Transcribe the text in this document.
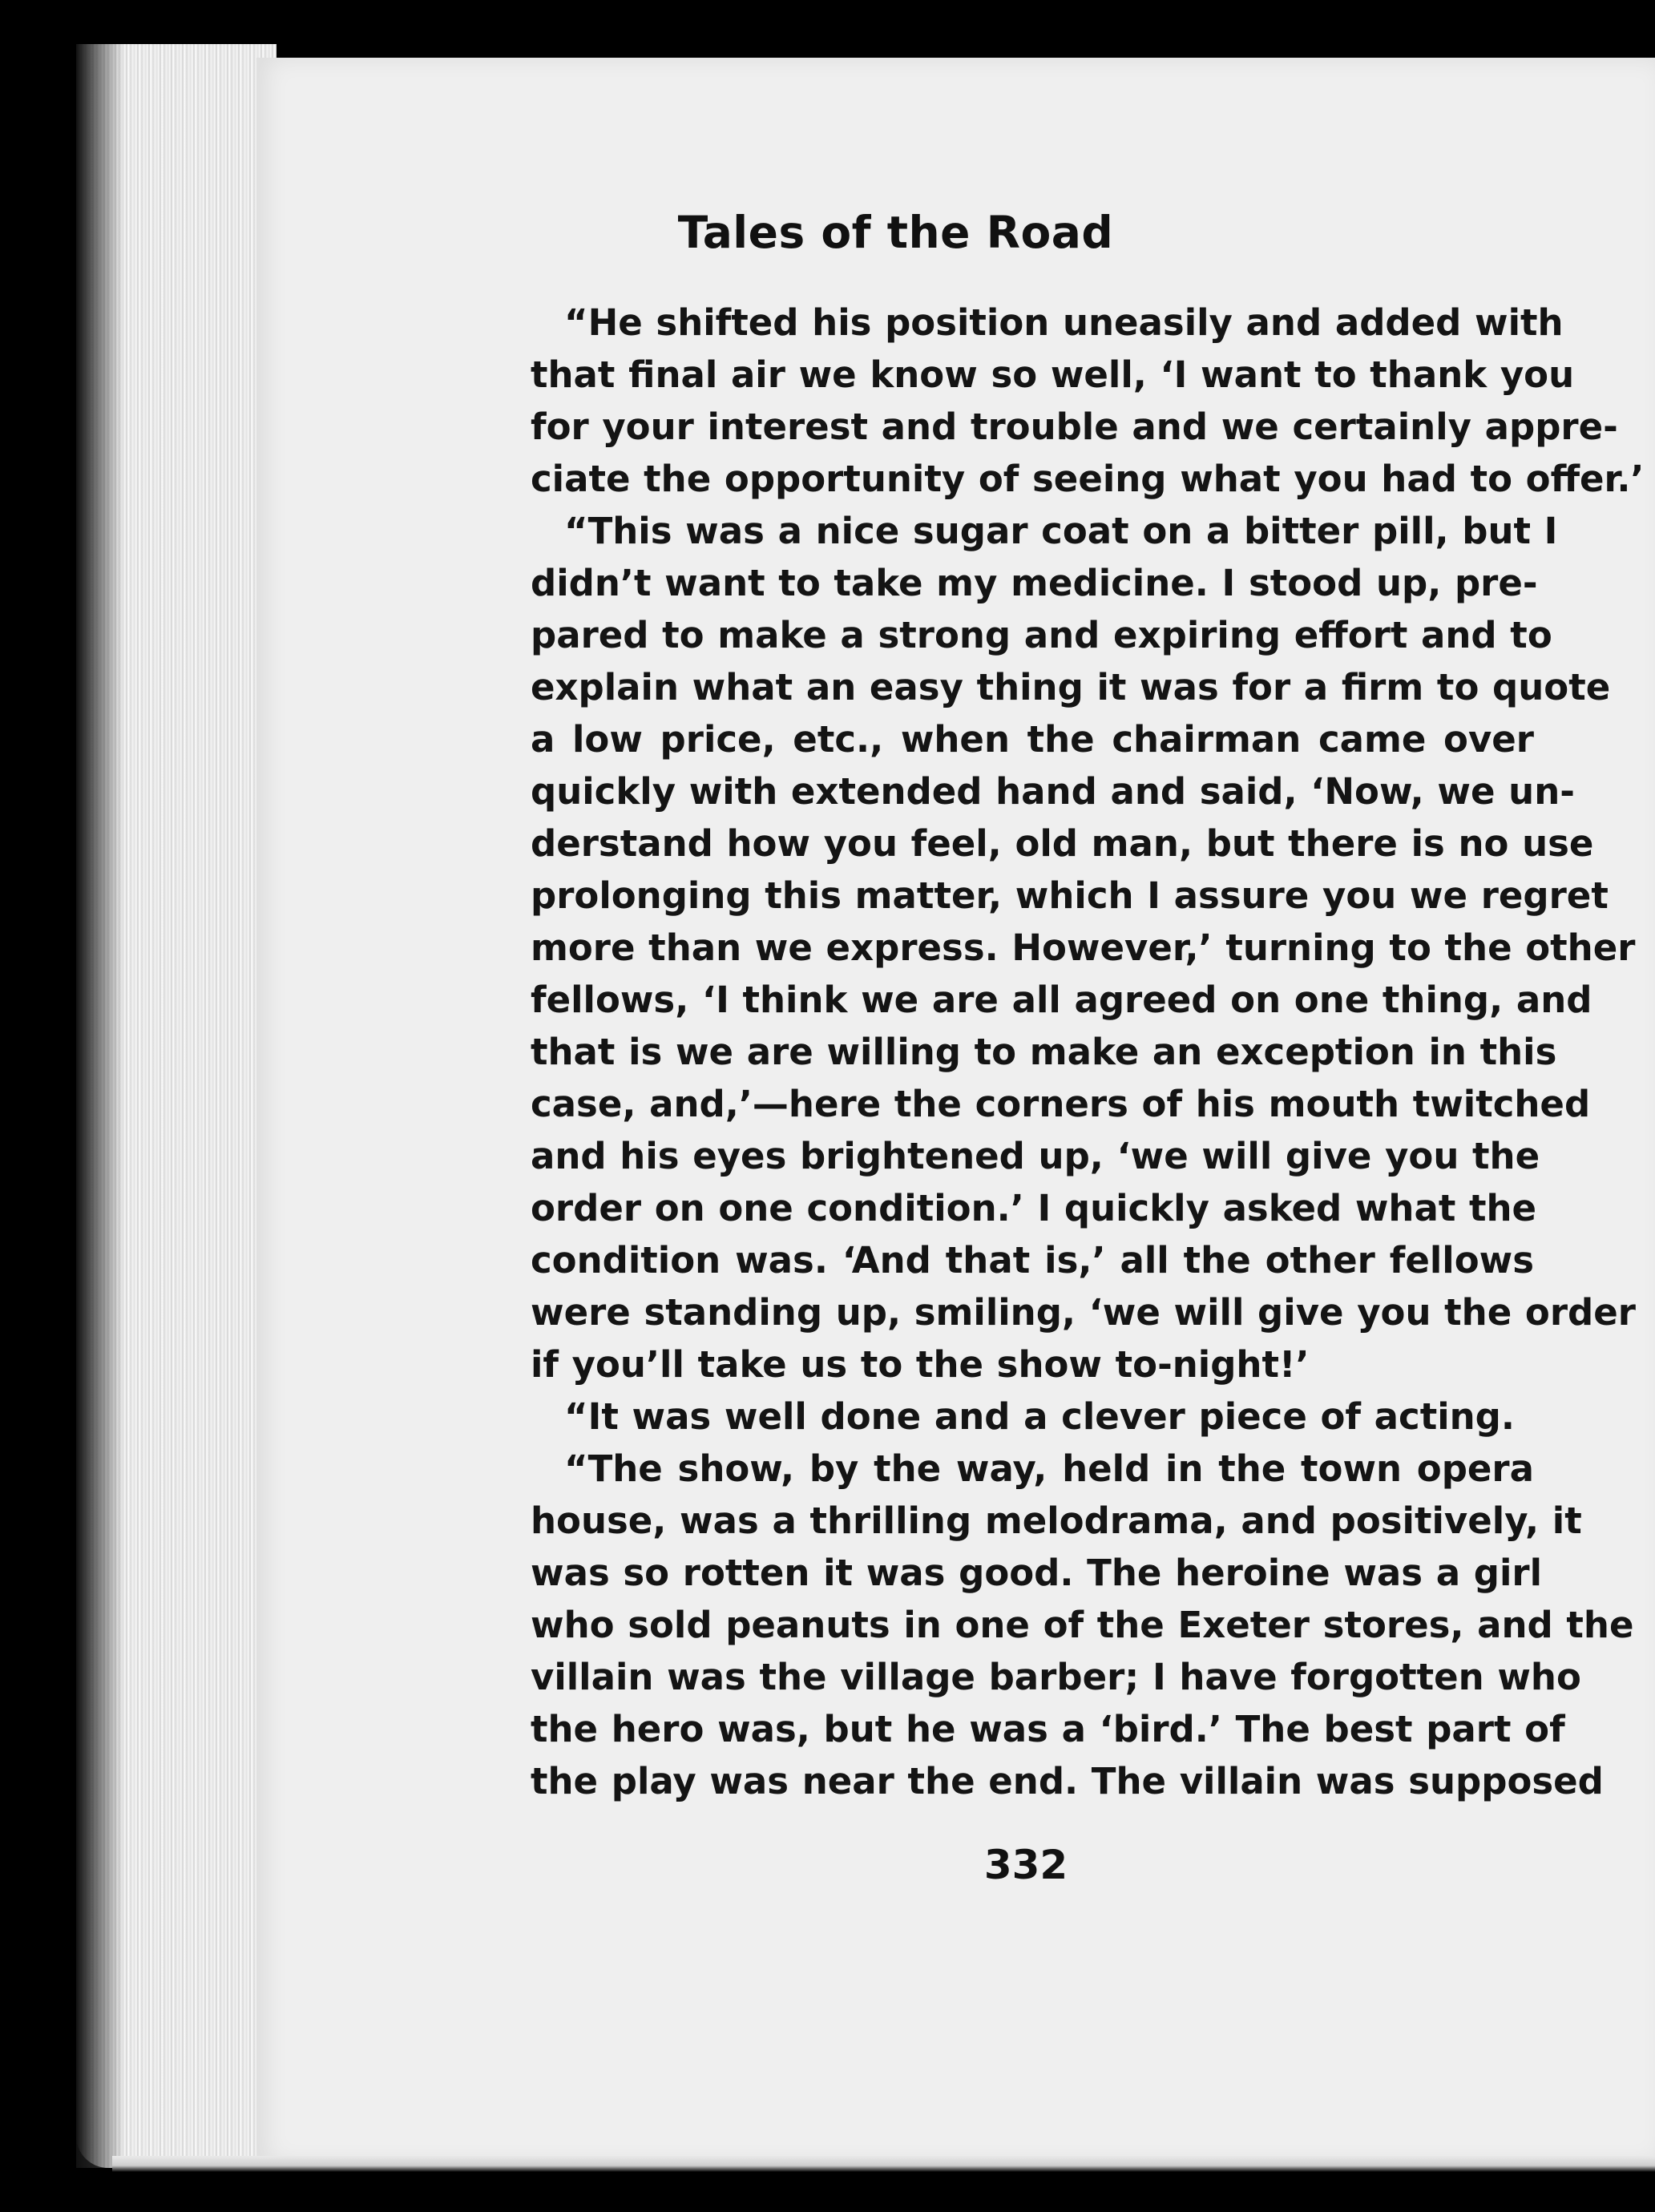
Tales of the Road

“He shifted his position uneasily and added with
that final air we know so well, ‘I want to thank you
for your interest and trouble and we certainly appre-
ciate the opportunity of seeing what you had to offer.’

“This was a nice sugar coat on a bitter pill, but I
didn’t want to take my medicine. I stood up, pre-
pared to make a strong and expiring effort and to
explain what an easy thing it was for a firm to quote
a low price, etc., when the chairman came over
quickly with extended hand and said, ‘Now, we un-
derstand how you feel, old man, but there is no use
prolonging this matter, which I assure you we regret
more than we express. However,’ turning to the other
fellows, ‘I think we are all agreed on one thing, and
that is we are willing to make an exception in this
case, and,’—here the corners of his mouth twitched
and his eyes brightened up, ‘we will give you the
order on one condition.’ I quickly asked what the
condition was. ‘And that is,’ all the other fellows
were standing up, smiling, ‘we will give you the order
if you’ll take us to the show to-night!’

“It was well done and a clever piece of acting.

“The show, by the way, held in the town opera
house, was a thrilling melodrama, and positively, it
was so rotten it was good. The heroine was a girl
who sold peanuts in one of the Exeter stores, and the
villain was the village barber; I have forgotten who
the hero was, but he was a ‘bird.’ The best part of
the play was near the end. The villain was supposed

332
